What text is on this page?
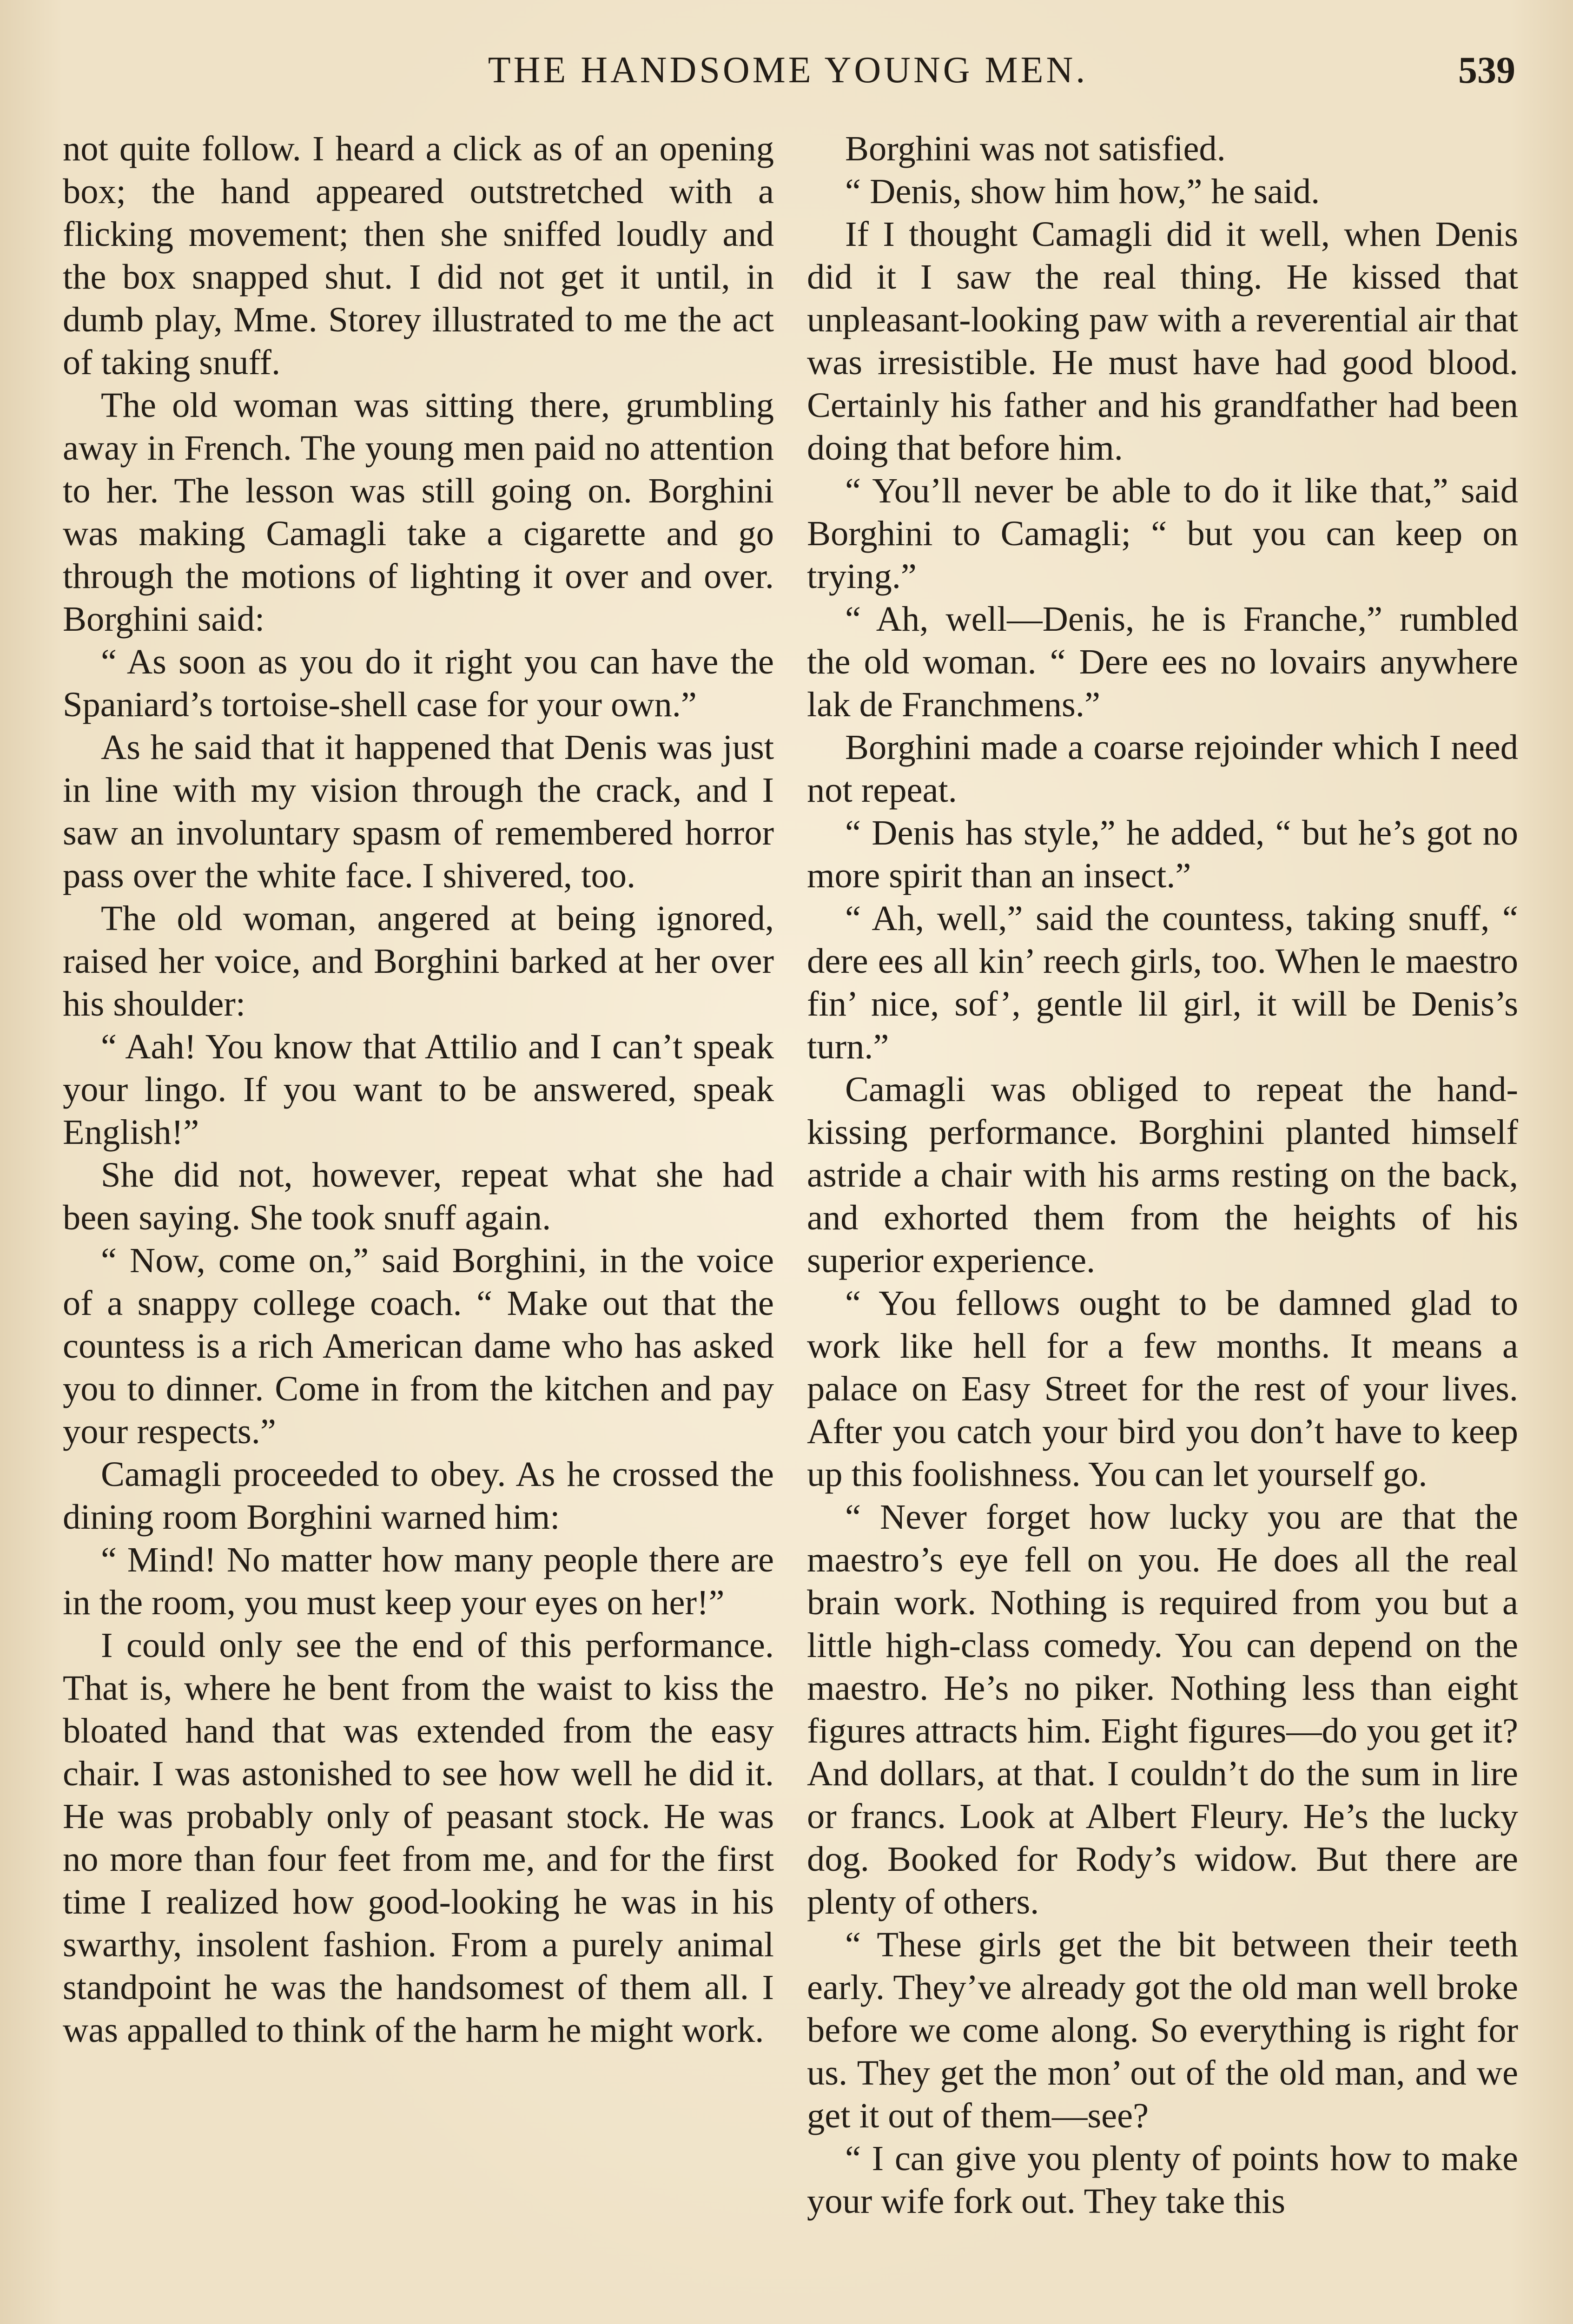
THE HANDSOME YOUNG MEN.	539

not quite follow. I heard a click as of an opening box; the hand appeared outstretched with a flicking movement; then she sniffed loudly and the box snapped shut. I did not get it until, in dumb play, Mme. Storey illustrated to me the act of taking snuff.

The old woman was sitting there, grumbling away in French. The young men paid no attention to her. The lesson was still going on. Borghini was making Camagli take a cigarette and go through the motions of lighting it over and over. Borghini said:

“ As soon as you do it right you can have the Spaniard’s tortoise-shell case for your own.”

As he said that it happened that Denis was just in line with my vision through the crack, and I saw an involuntary spasm of remembered horror pass over the white face. I shivered, too.

The old woman, angered at being ignored, raised her voice, and Borghini barked at her over his shoulder:

“ Aah! You know that Attilio and I can’t speak your lingo. If you want to be answered, speak English!”

She did not, however, repeat what she had been saying. She took snuff again.

“ Now, come on,” said Borghini, in the voice of a snappy college coach. “ Make out that the countess is a rich American dame who has asked you to dinner. Come in from the kitchen and pay your respects.”

Camagli proceeded to obey. As he crossed the dining room Borghini warned him:

“ Mind! No matter how many people there are in the room, you must keep your eyes on her!”

I could only see the end of this performance. That is, where he bent from the waist to kiss the bloated hand that was extended from the easy chair. I was astonished to see how well he did it. He was probably only of peasant stock. He was no more than four feet from me, and for the first time I realized how good-looking he was in his swarthy, insolent fashion. From a purely animal standpoint he was the handsomest of them all. I was appalled to think of the harm he might work.

Borghini was not satisfied.

“ Denis, show him how,” he said.

If I thought Camagli did it well, when Denis did it I saw the real thing. He kissed that unpleasant-looking paw with a reverential air that was irresistible. He must have had good blood. Certainly his father and his grandfather had been doing that before him.

“ You’ll never be able to do it like that,” said Borghini to Camagli; “ but you can keep on trying.”

“ Ah, well—Denis, he is Franche,” rumbled the old woman. “ Dere ees no lovairs anywhere lak de Franchmens.”

Borghini made a coarse rejoinder which I need not repeat.

“ Denis has style,” he added, “ but he’s got no more spirit than an insect.”

“ Ah, well,” said the countess, taking snuff, “ dere ees all kin’ reech girls, too. When le maestro fin’ nice, sof’, gentle lil girl, it will be Denis’s turn.”

Camagli was obliged to repeat the hand-kissing performance. Borghini planted himself astride a chair with his arms resting on the back, and exhorted them from the heights of his superior experience.

“ You fellows ought to be damned glad to work like hell for a few months. It means a palace on Easy Street for the rest of your lives. After you catch your bird you don’t have to keep up this foolishness. You can let yourself go.

“ Never forget how lucky you are that the maestro’s eye fell on you. He does all the real brain work. Nothing is required from you but a little high-class comedy. You can depend on the maestro. He’s no piker. Nothing less than eight figures attracts him. Eight figures—do you get it? And dollars, at that. I couldn’t do the sum in lire or francs. Look at Albert Fleury. He’s the lucky dog. Booked for Rody’s widow. But there are plenty of others.

“ These girls get the bit between their teeth early. They’ve already got the old man well broke before we come along. So everything is right for us. They get the mon’ out of the old man, and we get it out of them—see?

“ I can give you plenty of points how to make your wife fork out. They take this
